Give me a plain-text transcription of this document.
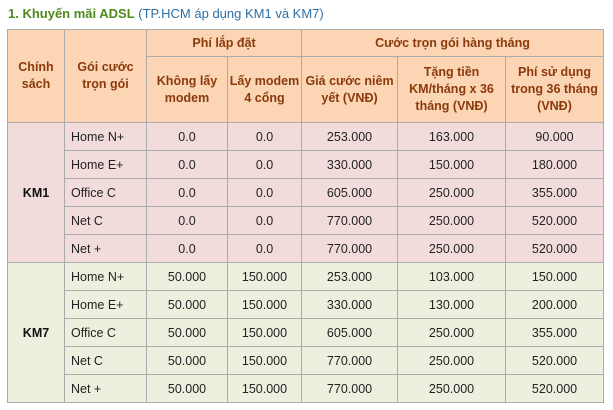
1. Khuyến mãi ADSL (TP.HCM áp dụng KM1 và KM7)
Chính sách	Gói cước trọn gói	Phí lắp đặt		Cước trọn gói hàng tháng		
		Không lấy modem	Lấy modem 4 cổng	Giá cước niêm yết (VNĐ)	Tặng tiền KM/tháng x 36 tháng (VNĐ)	Phí sử dụng trong 36 tháng (VNĐ)
KM1	Home N+	0.0	0.0	253.000	163.000	90.000
	Home E+	0.0	0.0	330.000	150.000	180.000
	Office C	0.0	0.0	605.000	250.000	355.000
	Net C	0.0	0.0	770.000	250.000	520.000
	Net +	0.0	0.0	770.000	250.000	520.000
KM7	Home N+	50.000	150.000	253.000	103.000	150.000
	Home E+	50.000	150.000	330.000	130.000	200.000
	Office C	50.000	150.000	605.000	250.000	355.000
	Net C	50.000	150.000	770.000	250.000	520.000
	Net +	50.000	150.000	770.000	250.000	520.000
